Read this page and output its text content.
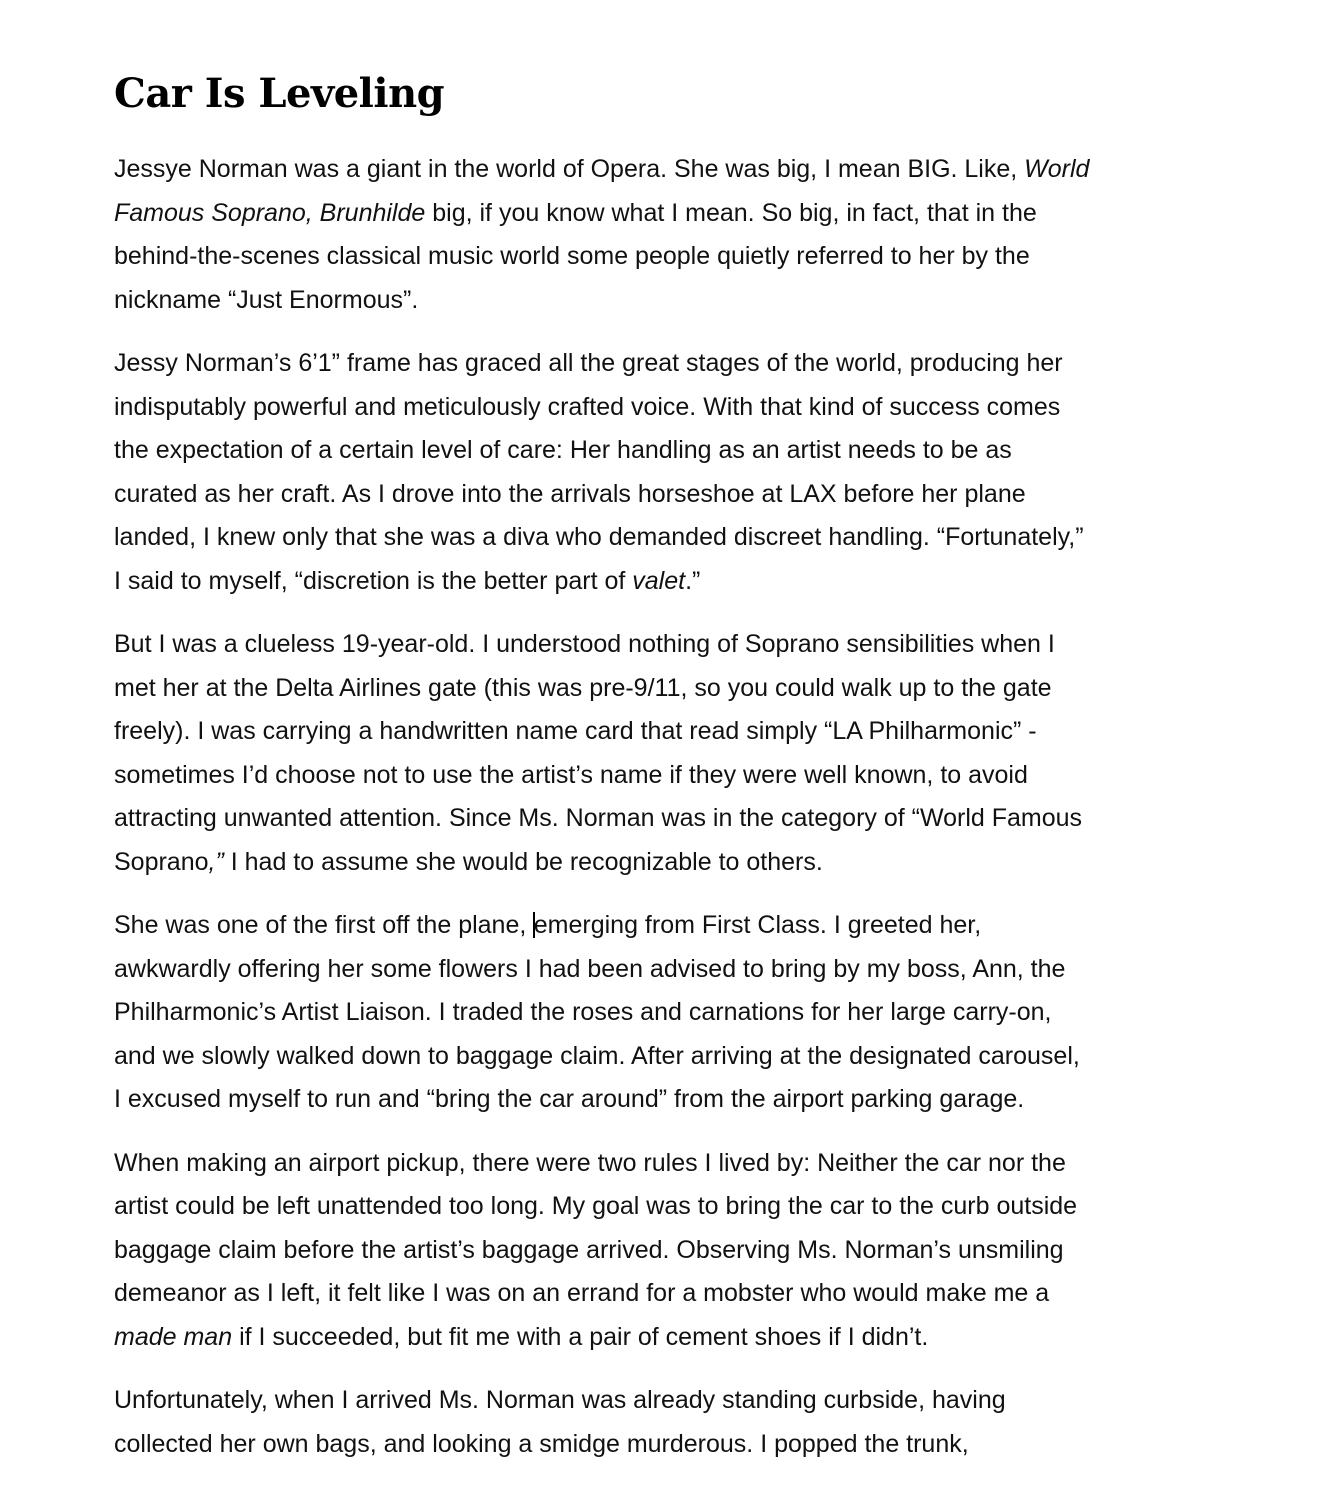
Car Is Leveling

Jessye Norman was a giant in the world of Opera. She was big, I mean BIG. Like, World
Famous Soprano, Brunhilde big, if you know what I mean. So big, in fact, that in the
behind-the-scenes classical music world some people quietly referred to her by the
nickname “Just Enormous”.

Jessy Norman’s 6’1” frame has graced all the great stages of the world, producing her
indisputably powerful and meticulously crafted voice. With that kind of success comes
the expectation of a certain level of care: Her handling as an artist needs to be as
curated as her craft. As I drove into the arrivals horseshoe at LAX before her plane
landed, I knew only that she was a diva who demanded discreet handling. “Fortunately,”
I said to myself, “discretion is the better part of valet.”

But I was a clueless 19-year-old. I understood nothing of Soprano sensibilities when I
met her at the Delta Airlines gate (this was pre-9/11, so you could walk up to the gate
freely). I was carrying a handwritten name card that read simply “LA Philharmonic” -
sometimes I’d choose not to use the artist’s name if they were well known, to avoid
attracting unwanted attention. Since Ms. Norman was in the category of “World Famous
Soprano,” I had to assume she would be recognizable to others.

She was one of the first off the plane, emerging from First Class. I greeted her,
awkwardly offering her some flowers I had been advised to bring by my boss, Ann, the
Philharmonic’s Artist Liaison. I traded the roses and carnations for her large carry-on,
and we slowly walked down to baggage claim. After arriving at the designated carousel,
I excused myself to run and “bring the car around” from the airport parking garage.

When making an airport pickup, there were two rules I lived by: Neither the car nor the
artist could be left unattended too long. My goal was to bring the car to the curb outside
baggage claim before the artist’s baggage arrived. Observing Ms. Norman’s unsmiling
demeanor as I left, it felt like I was on an errand for a mobster who would make me a
made man if I succeeded, but fit me with a pair of cement shoes if I didn’t.

Unfortunately, when I arrived Ms. Norman was already standing curbside, having
collected her own bags, and looking a smidge murderous. I popped the trunk,
